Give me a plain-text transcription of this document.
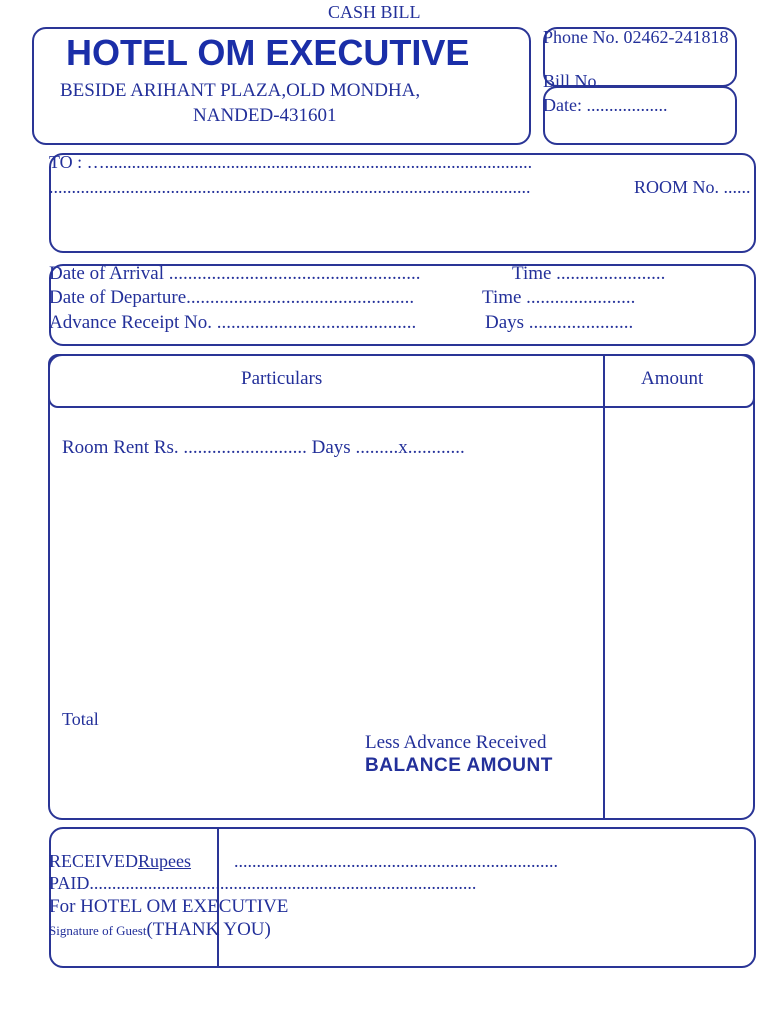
CASH BILL
HOTEL OM EXECUTIVE
BESIDE ARIHANT PLAZA,OLD MONDHA,
NANDED-431601
Phone No. 02462-241818
Bill No.
Date: ..................
TO : …...............................................................................................
...........................................................................................................	ROOM No. ......
Date of Arrival .....................................................	Time .......................
Date of Departure................................................	Time .......................
Advance Receipt No. ..........................................	Days ......................
Particulars	Amount
Room Rent Rs. .......................... Days .........x............
Total
Less Advance Received
BALANCE AMOUNT
RECEIVEDRupees ........................................................................
PAID......................................................................................
For HOTEL OM EXECUTIVE
Signature of Guest(THANK YOU)
